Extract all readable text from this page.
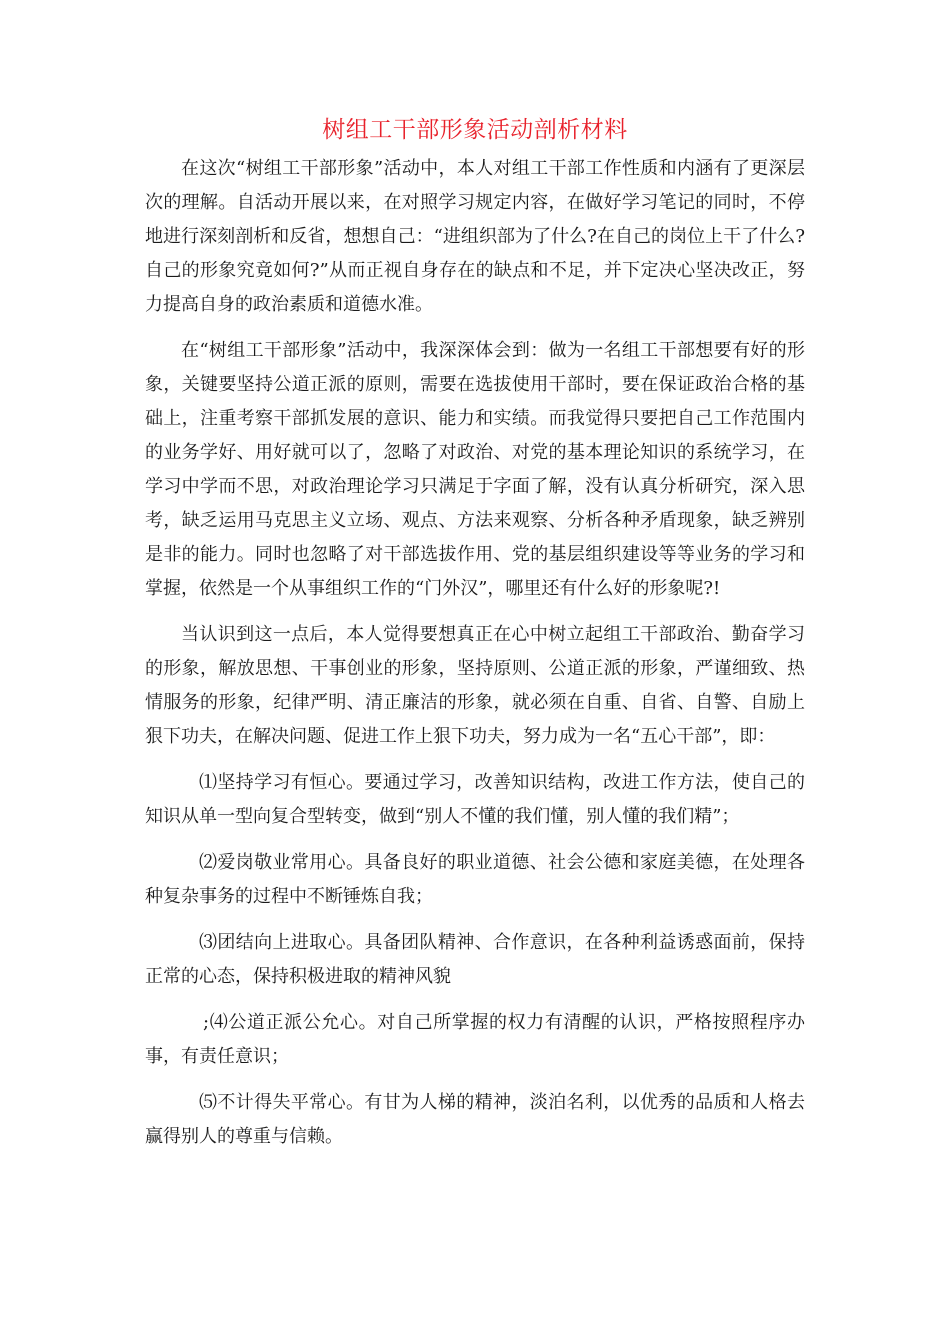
树组工干部形象活动剖析材料

在这次“树组工干部形象”活动中，本人对组工干部工作性质和内涵有了更深层次的理解。自活动开展以来，在对照学习规定内容，在做好学习笔记的同时，不停地进行深刻剖析和反省，想想自己：“进组织部为了什么?在自己的岗位上干了什么?自己的形象究竟如何?”从而正视自身存在的缺点和不足，并下定决心坚决改正，努力提高自身的政治素质和道德水准。

在“树组工干部形象”活动中，我深深体会到：做为一名组工干部想要有好的形象，关键要坚持公道正派的原则，需要在选拔使用干部时，要在保证政治合格的基础上，注重考察干部抓发展的意识、能力和实绩。而我觉得只要把自己工作范围内的业务学好、用好就可以了，忽略了对政治、对党的基本理论知识的系统学习，在学习中学而不思，对政治理论学习只满足于字面了解，没有认真分析研究，深入思考，缺乏运用马克思主义立场、观点、方法来观察、分析各种矛盾现象，缺乏辨别是非的能力。同时也忽略了对干部选拔作用、党的基层组织建设等等业务的学习和掌握，依然是一个从事组织工作的“门外汉”，哪里还有什么好的形象呢?!

当认识到这一点后，本人觉得要想真正在心中树立起组工干部政治、勤奋学习的形象，解放思想、干事创业的形象，坚持原则、公道正派的形象，严谨细致、热情服务的形象，纪律严明、清正廉洁的形象，就必须在自重、自省、自警、自励上狠下功夫，在解决问题、促进工作上狠下功夫，努力成为一名“五心干部”，即：

⑴坚持学习有恒心。要通过学习，改善知识结构，改进工作方法，使自己的知识从单一型向复合型转变，做到“别人不懂的我们懂，别人懂的我们精”；

⑵爱岗敬业常用心。具备良好的职业道德、社会公德和家庭美德，在处理各种复杂事务的过程中不断锤炼自我；

⑶团结向上进取心。具备团队精神、合作意识，在各种利益诱惑面前，保持正常的心态，保持积极进取的精神风貌

;⑷公道正派公允心。对自己所掌握的权力有清醒的认识，严格按照程序办事，有责任意识；

⑸不计得失平常心。有甘为人梯的精神，淡泊名利，以优秀的品质和人格去赢得别人的尊重与信赖。
